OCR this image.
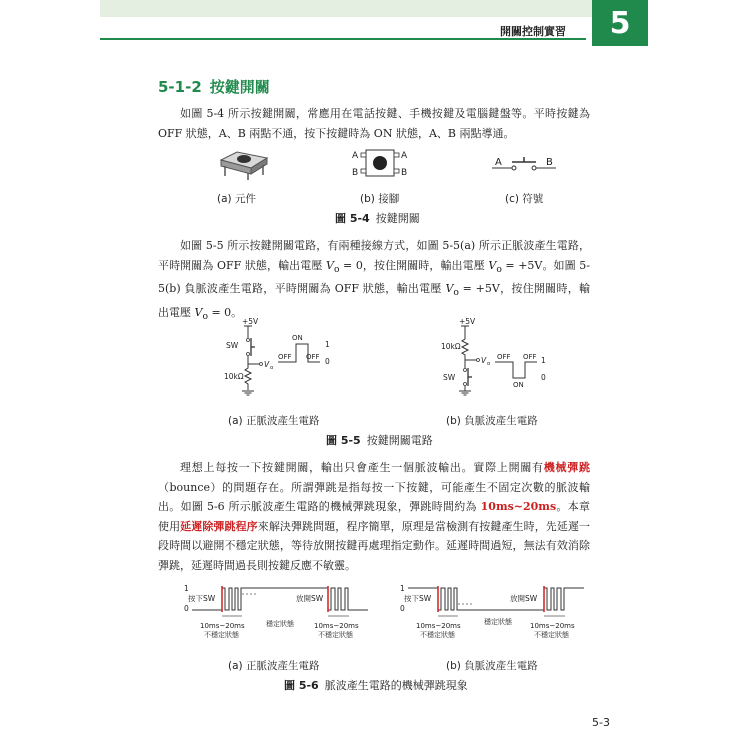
開關控制實習	5
5-1-2 按鍵開關

如圖 5-4 所示按鍵開關，常應用在電話按鍵、手機按鍵及電腦鍵盤等。平時按鍵為 OFF 狀態，A、B 兩點不通，按下按鍵時為 ON 狀態，A、B 兩點導通。

A	A
B	B
A	B
(a) 元件	(b) 接腳	(c) 符號
圖 5-4 按鍵開關

如圖 5-5 所示按鍵開關電路，有兩種接線方式，如圖 5-5(a) 所示正脈波產生電路，平時開關為 OFF 狀態，輸出電壓 $V_o = 0$，按住開關時，輸出電壓 $V_o = +5V$。如圖 5-5(b) 負脈波產生電路，平時開關為 OFF 狀態，輸出電壓 $V_o = +5V$，按住開關時，輸出電壓 $V_o = 0$。

+5V
SW
V o
10kΩ
ON
OFF OFF
1
0
+5V
10kΩ
V o
SW
OFF OFF
ON
1
0
(a) 正脈波產生電路	(b) 負脈波產生電路
圖 5-5 按鍵開關電路

理想上每按一下按鍵開關，輸出只會產生一個脈波輸出。實際上開關有機械彈跳（bounce）的問題存在。所謂彈跳是指每按一下按鍵，可能產生不固定次數的脈波輸出。如圖 5-6 所示脈波產生電路的機械彈跳現象，彈跳時間約為 10ms~20ms。本章使用延遲除彈跳程序來解決彈跳問題，程序簡單，原理是當檢測有按鍵產生時，先延遲一段時間以避開不穩定狀態，等待放開按鍵再處理指定動作。延遲時間過短，無法有效消除彈跳，延遲時間過長則按鍵反應不敏靈。

1
0
按下SW	放開SW
穩定狀態
10ms~20ms
不穩定狀態
10ms~20ms
不穩定狀態
1
0
按下SW	放開SW
穩定狀態
10ms~20ms
不穩定狀態
10ms~20ms
不穩定狀態
(a) 正脈波產生電路	(b) 負脈波產生電路
圖 5-6 脈波產生電路的機械彈跳現象
5-3
